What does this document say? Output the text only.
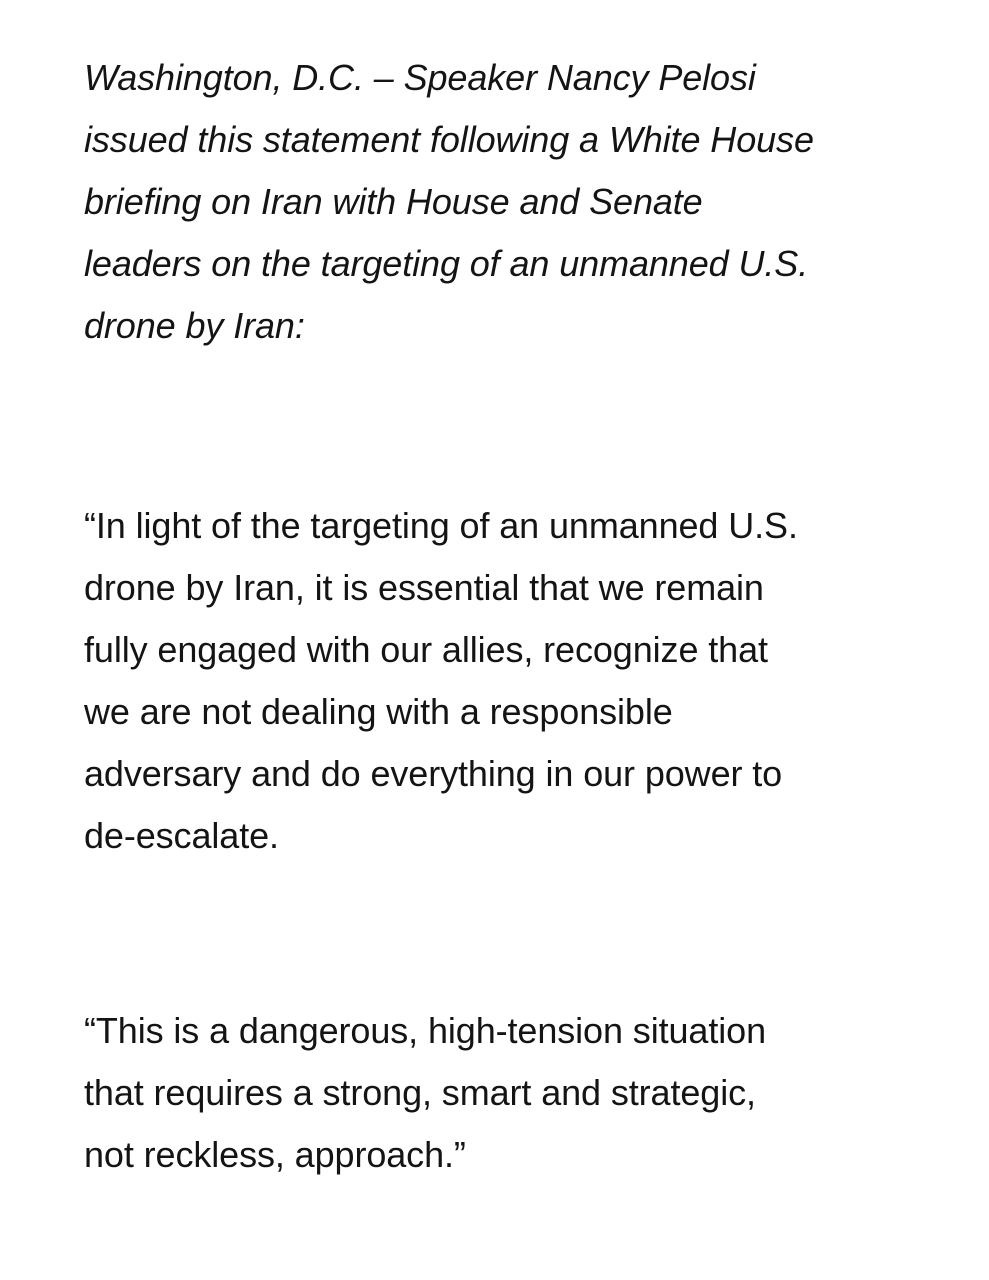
Washington, D.C. – Speaker Nancy Pelosi
issued this statement following a White House
briefing on Iran with House and Senate
leaders on the targeting of an unmanned U.S.
drone by Iran:

“In light of the targeting of an unmanned U.S.
drone by Iran, it is essential that we remain
fully engaged with our allies, recognize that
we are not dealing with a responsible
adversary and do everything in our power to
de-escalate.

“This is a dangerous, high-tension situation
that requires a strong, smart and strategic,
not reckless, approach.”
